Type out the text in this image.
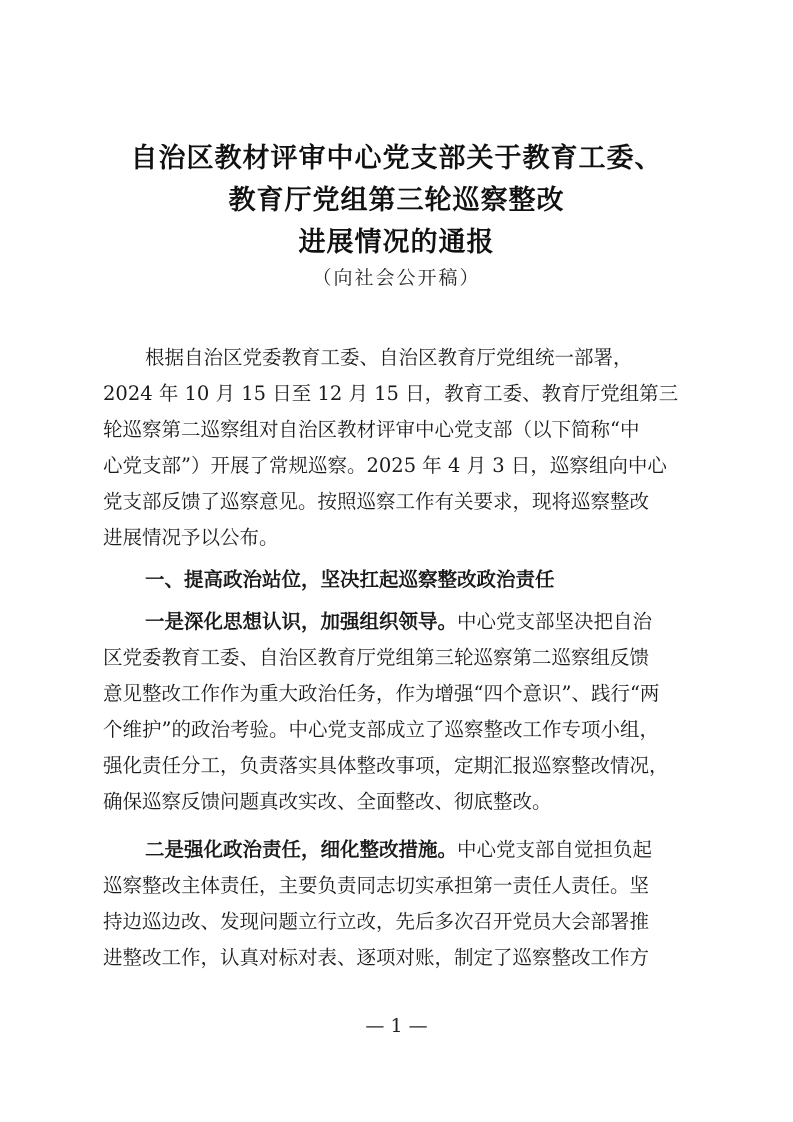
自治区教材评审中心党支部关于教育工委、
教育厅党组第三轮巡察整改
进展情况的通报
（向社会公开稿）
根据自治区党委教育工委、自治区教育厅党组统一部署，
2024 年 10 月 15 日至 12 月 15 日，教育工委、教育厅党组第三
轮巡察第二巡察组对自治区教材评审中心党支部（以下简称“中
心党支部”）开展了常规巡察。2025 年 4 月 3 日，巡察组向中心
党支部反馈了巡察意见。按照巡察工作有关要求，现将巡察整改
进展情况予以公布。
一、提高政治站位，坚决扛起巡察整改政治责任
一是深化思想认识，加强组织领导。中心党支部坚决把自治
区党委教育工委、自治区教育厅党组第三轮巡察第二巡察组反馈
意见整改工作作为重大政治任务，作为增强“四个意识”、践行“两
个维护”的政治考验。中心党支部成立了巡察整改工作专项小组，
强化责任分工，负责落实具体整改事项，定期汇报巡察整改情况，
确保巡察反馈问题真改实改、全面整改、彻底整改。
二是强化政治责任，细化整改措施。中心党支部自觉担负起
巡察整改主体责任，主要负责同志切实承担第一责任人责任。坚
持边巡边改、发现问题立行立改，先后多次召开党员大会部署推
进整改工作，认真对标对表、逐项对账，制定了巡察整改工作方
— 1 —
